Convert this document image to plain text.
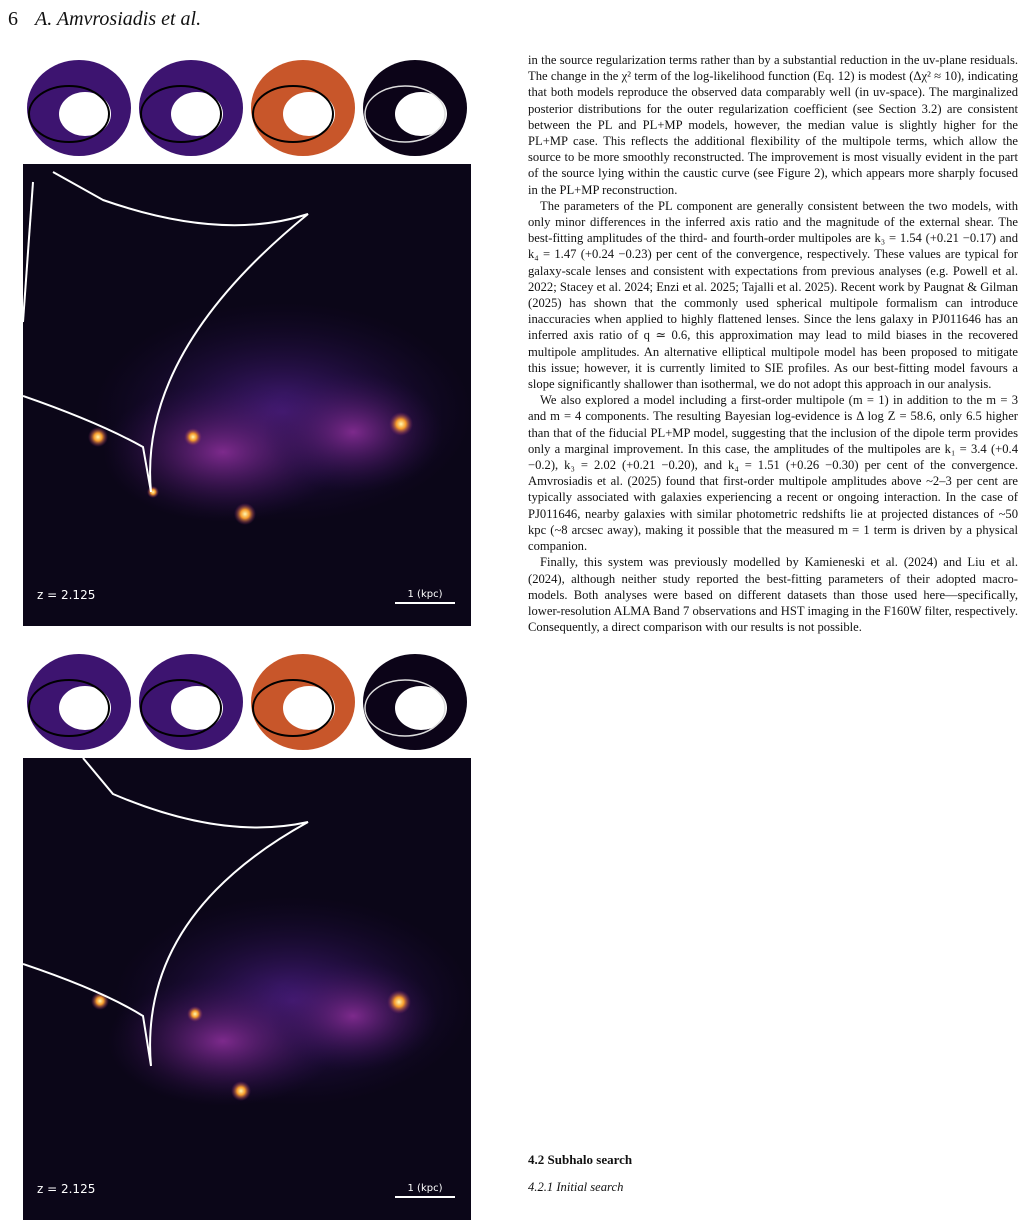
6 A. Amvrosiadis et al.
z = 2.125	1 (kpc)
z = 2.125	1 (kpc)

in the source regularization terms rather than by a substantial reduction in the uv-plane residuals. The change in the χ² term of the log-likelihood function (Eq. 12) is modest (Δχ² ≈ 10), indicating that both models reproduce the observed data comparably well (in uv-space). The marginalized posterior distributions for the outer regularization coefficient (see Section 3.2) are consistent between the PL and PL+MP models, however, the median value is slightly higher for the PL+MP case. This reflects the additional flexibility of the multipole terms, which allow the source to be more smoothly reconstructed. The improvement is most visually evident in the part of the source lying within the caustic curve (see Figure 2), which appears more sharply focused in the PL+MP reconstruction.

The parameters of the PL component are generally consistent between the two models, with only minor differences in the inferred axis ratio and the magnitude of the external shear. The best-fitting amplitudes of the third- and fourth-order multipoles are k₃ = 1.54 (+0.21 −0.17) and k₄ = 1.47 (+0.24 −0.23) per cent of the convergence, respectively. These values are typical for galaxy-scale lenses and consistent with expectations from previous analyses (e.g. Powell et al. 2022; Stacey et al. 2024; Enzi et al. 2025; Tajalli et al. 2025). Recent work by Paugnat & Gilman (2025) has shown that the commonly used spherical multipole formalism can introduce inaccuracies when applied to highly flattened lenses. Since the lens galaxy in PJ011646 has an inferred axis ratio of q ≃ 0.6, this approximation may lead to mild biases in the recovered multipole amplitudes. An alternative elliptical multipole model has been proposed to mitigate this issue; however, it is currently limited to SIE profiles. As our best-fitting model favours a slope significantly shallower than isothermal, we do not adopt this approach in our analysis.

We also explored a model including a first-order multipole (m = 1) in addition to the m = 3 and m = 4 components. The resulting Bayesian log-evidence is Δ log Z = 58.6, only 6.5 higher than that of the fiducial PL+MP model, suggesting that the inclusion of the dipole term provides only a marginal improvement. In this case, the amplitudes of the multipoles are k₁ = 3.4 (+0.4 −0.2), k₃ = 2.02 (+0.21 −0.20), and k₄ = 1.51 (+0.26 −0.30) per cent of the convergence. Amvrosiadis et al. (2025) found that first-order multipole amplitudes above ~2–3 per cent are typically associated with galaxies experiencing a recent or ongoing interaction. In the case of PJ011646, nearby galaxies with similar photometric redshifts lie at projected distances of ~50 kpc (~8 arcsec away), making it possible that the measured m = 1 term is driven by a physical companion.

Finally, this system was previously modelled by Kamieneski et al. (2024) and Liu et al. (2024), although neither study reported the best-fitting parameters of their adopted macro-models. Both analyses were based on different datasets than those used here—specifically, lower-resolution ALMA Band 7 observations and HST imaging in the F160W filter, respectively. Consequently, a direct comparison with our results is not possible.

4.2 Subhalo search
4.2.1 Initial search
